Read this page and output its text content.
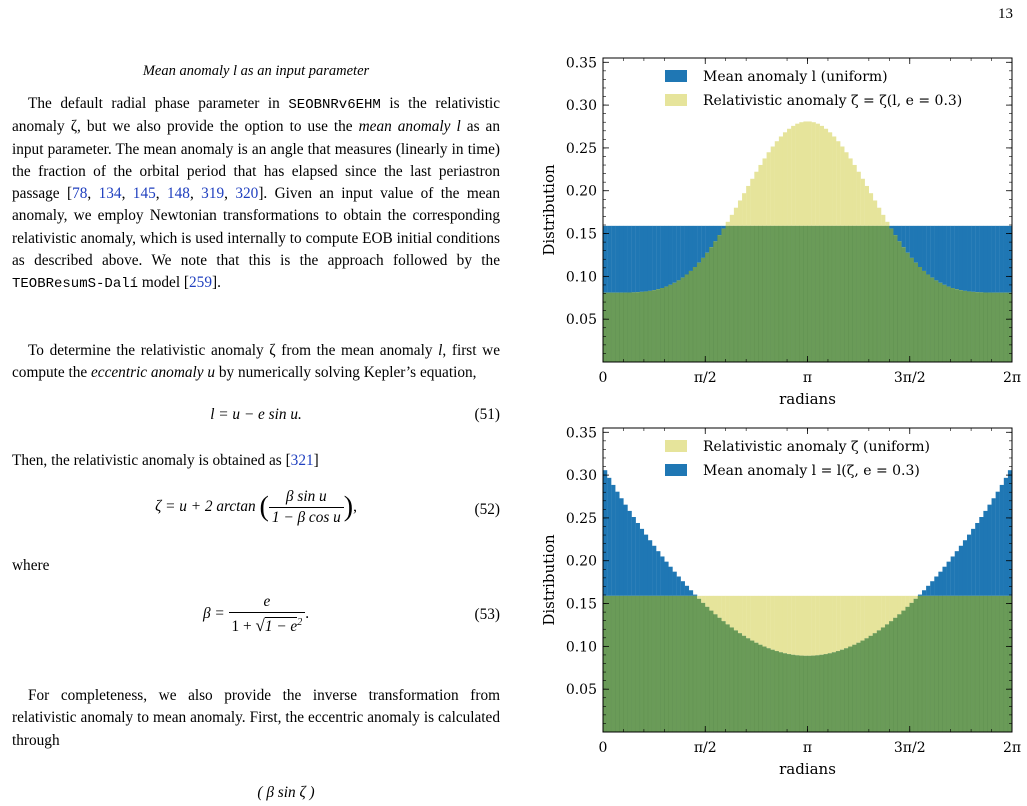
13
Mean anomaly l as an input parameter

The default radial phase parameter in SEOBNRv6EHM is the relativistic anomaly ζ, but we also provide the option to use the mean anomaly l as an input parameter. The mean anomaly is an angle that measures (linearly in time) the fraction of the orbital period that has elapsed since the last periastron passage [78, 134, 145, 148, 319, 320]. Given an input value of the mean anomaly, we employ Newtonian transformations to obtain the corresponding relativistic anomaly, which is used internally to compute EOB initial conditions as described above. We note that this is the approach followed by the TEOBResumS-Dalí model [259].

To determine the relativistic anomaly ζ from the mean anomaly l, first we compute the eccentric anomaly u by numerically solving Kepler’s equation,

l = u − e sin u.	(51)

Then, the relativistic anomaly is obtained as [321]

ζ = u + 2 arctan ( $\frac{\text{β sin u}}{\text{1 − β cos u}}$ ),	(52)
where
$\beta = \frac{e}{1 + √1 - e^2}$ .	(53)

For completeness, we also provide the inverse transformation from relativistic anomaly to mean anomaly. First, the eccentric anomaly is calculated through

( β sin ζ )
0.05
0.10
0.15
0.20
0.25
0.30
0.35
0	π/2	π	3π/2	2π
radians
Distribution
Mean anomaly l (uniform)
Relativistic anomaly ζ = ζ(l, e = 0.3)
0.05
0.10
0.15
0.20
0.25
0.30
0.35
0	π/2	π	3π/2	2π
radians
Distribution
Relativistic anomaly ζ (uniform)
Mean anomaly l = l(ζ, e = 0.3)
